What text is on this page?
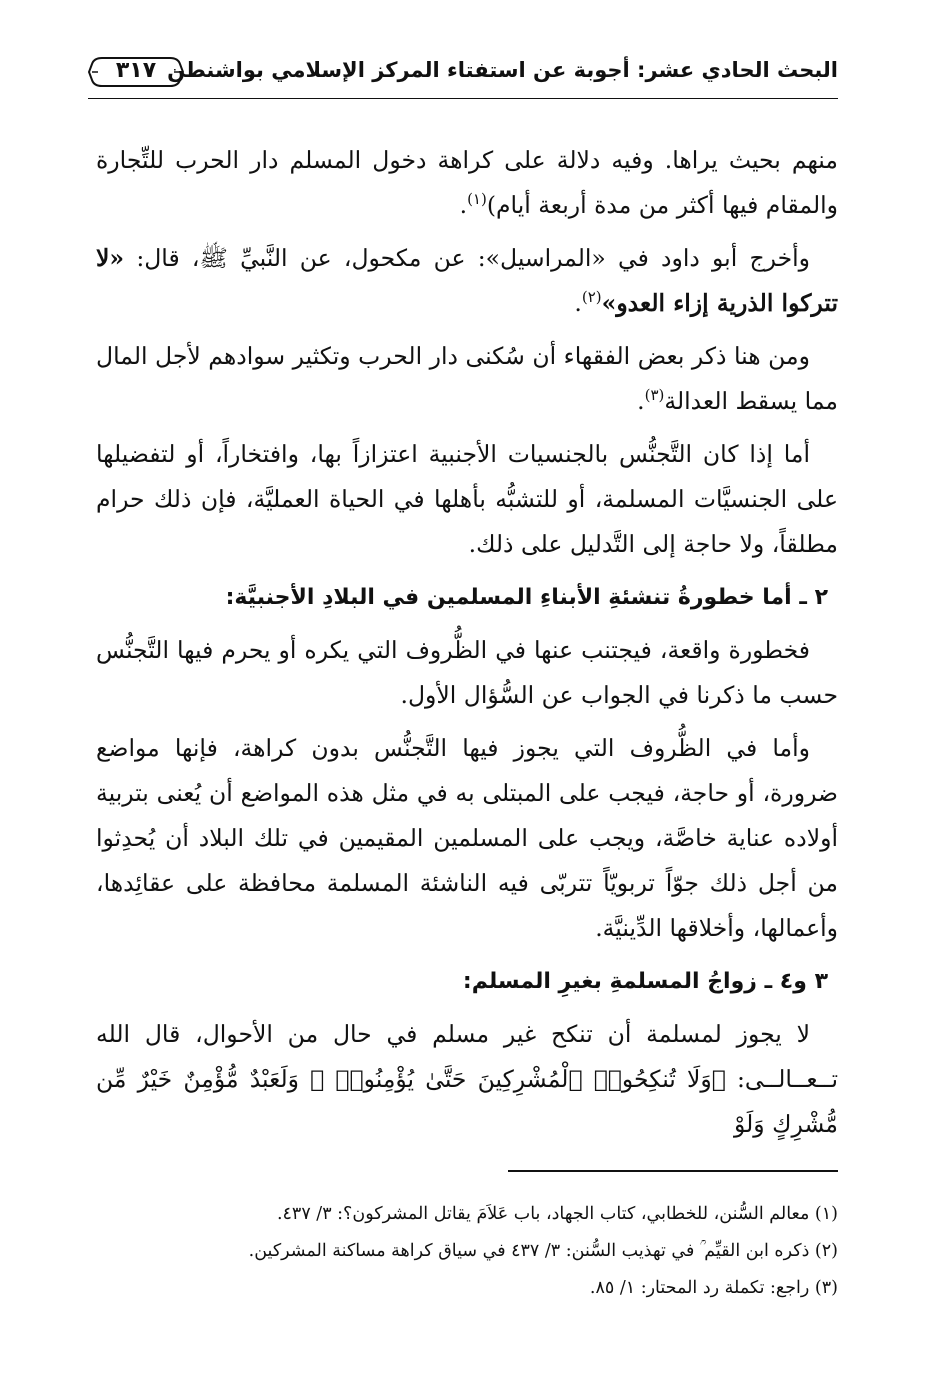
البحث الحادي عشر: أجوبة عن استفتاء المركز الإسلامي بواشنطن
٣١٧

منهم بحيث يراها. وفيه دلالة على كراهة دخول المسلم دار الحرب للتِّجارة والمقام فيها أكثر من مدة أربعة أيام)$^{(١)}$.

وأخرج أبو داود في «المراسيل»: عن مكحول، عن النَّبيِّ ﷺ، قال: «لا تتركوا الذرية إزاء العدو»$^{(٢)}$.

ومن هنا ذكر بعض الفقهاء أن سُكنى دار الحرب وتكثير سوادهم لأجل المال مما يسقط العدالة$^{(٣)}$.

أما إذا كان التَّجنُّس بالجنسيات الأجنبية اعتزازاً بها، وافتخاراً، أو لتفضيلها على الجنسيَّات المسلمة، أو للتشبُّه بأهلها في الحياة العمليَّة، فإن ذلك حرام مطلقاً، ولا حاجة إلى التَّدليل على ذلك.

٢ ـ أما خطورةُ تنشئةِ الأبناءِ المسلمين في البلادِ الأجنبيَّة:

فخطورة واقعة، فيجتنب عنها في الظُّروف التي يكره أو يحرم فيها التَّجنُّس حسب ما ذكرنا في الجواب عن السُّؤال الأول.

وأما في الظُّروف التي يجوز فيها التَّجنُّس بدون كراهة، فإنها مواضع ضرورة، أو حاجة، فيجب على المبتلى به في مثل هذه المواضع أن يُعنى بتربية أولاده عناية خاصَّة، ويجب على المسلمين المقيمين في تلك البلاد أن يُحدِثوا من أجل ذلك جوّاً تربويّاً تتربّى فيه الناشئة المسلمة محافظة على عقائِدها، وأعمالها، وأخلاقها الدِّينيَّة.

٣ و٤ ـ زواجُ المسلمةِ بغيرِ المسلم:

لا يجوز لمسلمة أن تنكح غير مسلم في حال من الأحوال، قال الله تــعــالــى: ﴿وَلَا تُنكِحُوا۟ ٱلْمُشْرِكِينَ حَتَّىٰ يُؤْمِنُوا۟ ۚ وَلَعَبْدٌ مُّؤْمِنٌ خَيْرٌ مِّن مُّشْرِكٍ وَلَوْ

(١) معالم السُّنن، للخطابي، كتاب الجهاد، باب عَلاَمَ يقاتل المشركون؟: ٣/ ٤٣٧.
(٢) ذكره ابن القيِّم ؒ في تهذيب السُّنن: ٣/ ٤٣٧ في سياق كراهة مساكنة المشركين.
(٣) راجع: تكملة رد المحتار: ١/ ٨٥.
